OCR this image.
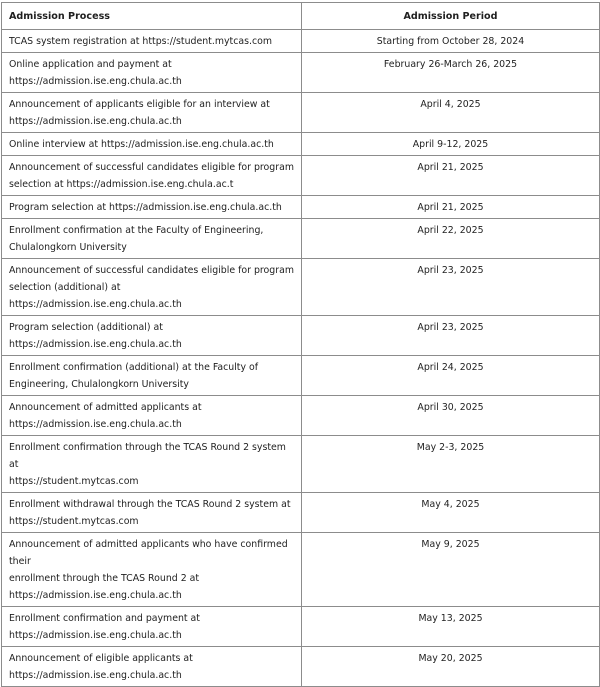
Admission Process	Admission Period

TCAS system registration at https://student.mytcas.com	Starting from October 28, 2024

Online application and payment at
https://admission.ise.eng.chula.ac.th	February 26-March 26, 2025

Announcement of applicants eligible for an interview at
https://admission.ise.eng.chula.ac.th	April 4, 2025

Online interview at https://admission.ise.eng.chula.ac.th	April 9-12, 2025

Announcement of successful candidates eligible for program
selection at https://admission.ise.eng.chula.ac.t	April 21, 2025

Program selection at https://admission.ise.eng.chula.ac.th	April 21, 2025

Enrollment confirmation at the Faculty of Engineering,
Chulalongkorn University	April 22, 2025

Announcement of successful candidates eligible for program
selection (additional) at https://admission.ise.eng.chula.ac.th	April 23, 2025

Program selection (additional) at
https://admission.ise.eng.chula.ac.th	April 23, 2025

Enrollment confirmation (additional) at the Faculty of
Engineering, Chulalongkorn University	April 24, 2025

Announcement of admitted applicants at
https://admission.ise.eng.chula.ac.th	April 30, 2025

Enrollment confirmation through the TCAS Round 2 system at
https://student.mytcas.com	May 2-3, 2025

Enrollment withdrawal through the TCAS Round 2 system at
https://student.mytcas.com	May 4, 2025

Announcement of admitted applicants who have confirmed their
enrollment through the TCAS Round 2 at
https://admission.ise.eng.chula.ac.th	May 9, 2025

Enrollment confirmation and payment at
https://admission.ise.eng.chula.ac.th	May 13, 2025

Announcement of eligible applicants at
https://admission.ise.eng.chula.ac.th	May 20, 2025
